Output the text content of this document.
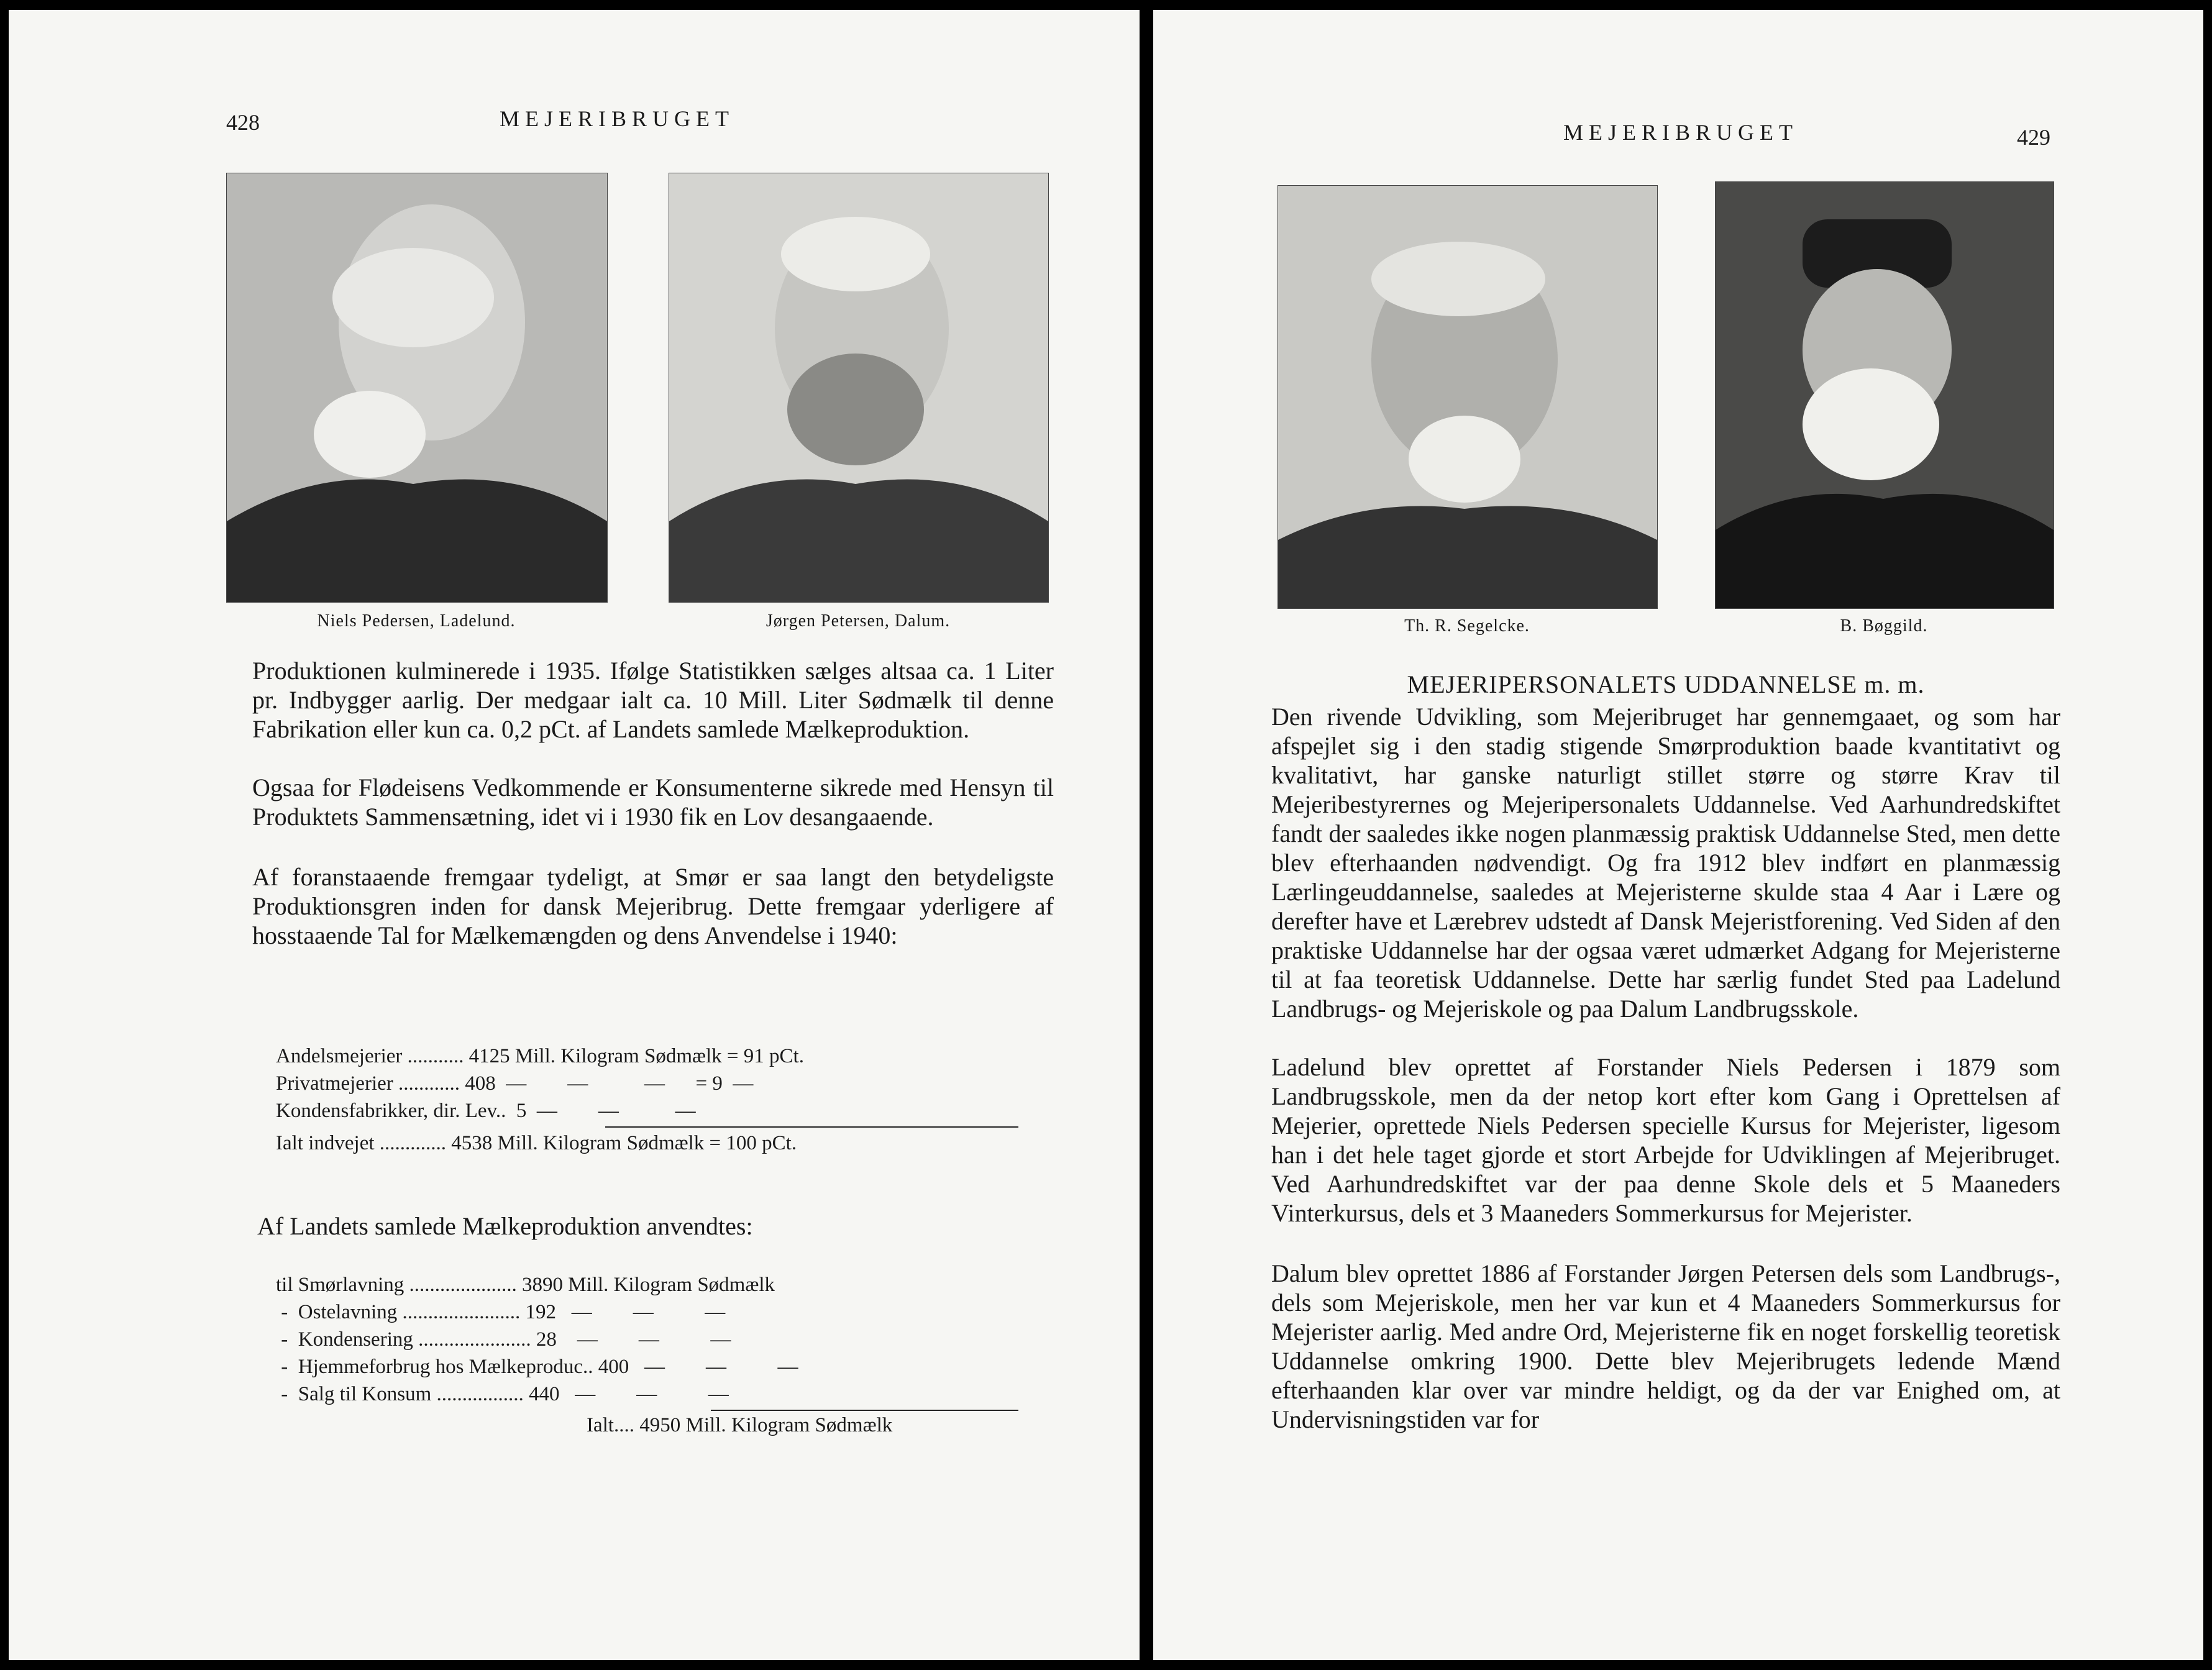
428	MEJERIBRUGET
Niels Pedersen, Ladelund.	Jørgen Petersen, Dalum.

Produktionen kulminerede i 1935. Ifølge Statistikken sælges altsaa ca. 1 Liter pr. Indbygger aarlig. Der medgaar ialt ca. 10 Mill. Liter Sødmælk til denne Fabrikation eller kun ca. 0,2 pCt. af Landets samlede Mælkeproduktion.

Ogsaa for Flødeisens Vedkommende er Konsumenterne sikrede med Hensyn til Produktets Sammensætning, idet vi i 1930 fik en Lov desangaaende.

Af foranstaaende fremgaar tydeligt, at Smør er saa langt den betydeligste Produktionsgren inden for dansk Mejeribrug. Dette fremgaar yderligere af hosstaaende Tal for Mælkemængden og dens Anvendelse i 1940:

Andelsmejerier ........... 4125 Mill. Kilogram Sødmælk = 91 pCt.
Privatmejerier ............ 408  —        —           —      = 9  —
Kondensfabrikker, dir. Lev..  5  —        —           —
Ialt indvejet ............. 4538 Mill. Kilogram Sødmælk = 100 pCt.
Af Landets samlede Mælkeproduktion anvendtes:
til Smørlavning ..................... 3890 Mill. Kilogram Sødmælk
-  Ostelavning ....................... 192   —        —          —
-  Kondensering ...................... 28    —        —          —
-  Hjemmeforbrug hos Mælkeproduc.. 400   —        —          —
-  Salg til Konsum ................. 440   —        —          —
Ialt.... 4950 Mill. Kilogram Sødmælk
MEJERIBRUGET	429
Th. R. Segelcke.	B. Bøggild.
MEJERIPERSONALETS UDDANNELSE m. m.

Den rivende Udvikling, som Mejeribruget har gennemgaaet, og som har afspejlet sig i den stadig stigende Smørproduktion baade kvantitativt og kvalitativt, har ganske naturligt stillet større og større Krav til Mejeribestyrernes og Mejeripersonalets Uddannelse. Ved Aarhundredskiftet fandt der saaledes ikke nogen planmæssig praktisk Uddannelse Sted, men dette blev efterhaanden nødvendigt. Og fra 1912 blev indført en planmæssig Lærlingeuddannelse, saaledes at Mejeristerne skulde staa 4 Aar i Lære og derefter have et Lærebrev udstedt af Dansk Mejeristforening. Ved Siden af den praktiske Uddannelse har der ogsaa været udmærket Adgang for Mejeristerne til at faa teoretisk Uddannelse. Dette har særlig fundet Sted paa Ladelund Landbrugs- og Mejeriskole og paa Dalum Landbrugsskole.

Ladelund blev oprettet af Forstander Niels Pedersen i 1879 som Landbrugsskole, men da der netop kort efter kom Gang i Oprettelsen af Mejerier, oprettede Niels Pedersen specielle Kursus for Mejerister, ligesom han i det hele taget gjorde et stort Arbejde for Udviklingen af Mejeribruget. Ved Aarhundredskiftet var der paa denne Skole dels et 5 Maaneders Vinterkursus, dels et 3 Maaneders Sommerkursus for Mejerister.

Dalum blev oprettet 1886 af Forstander Jørgen Petersen dels som Landbrugs-, dels som Mejeriskole, men her var kun et 4 Maaneders Sommerkursus for Mejerister aarlig. Med andre Ord, Mejeristerne fik en noget forskellig teoretisk Uddannelse omkring 1900. Dette blev Mejeribrugets ledende Mænd efterhaanden klar over var mindre heldigt, og da der var Enighed om, at Undervisningstiden var for
